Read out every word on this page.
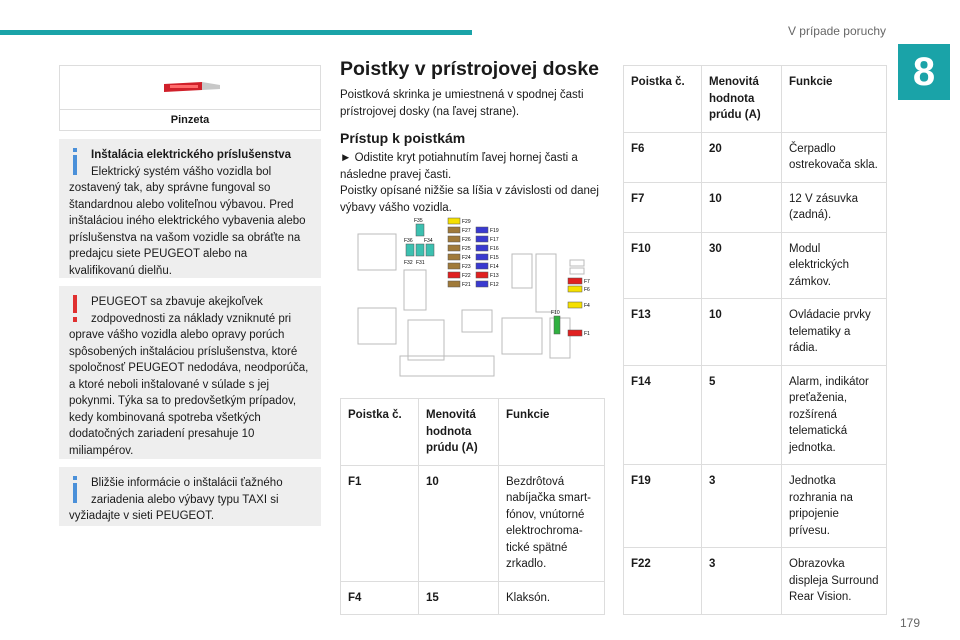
V prípade poruchy
8
179
Pinzeta
Inštalácia elektrického príslušenstva
Elektrický systém vášho vozidla bol
zostavený tak, aby správne fungoval so štandardnou alebo voliteľnou výbavou. Pred inštaláciou iného elektrického vybavenia alebo príslušenstva na vašom vozidle sa obráťte na predajcu siete PEUGEOT alebo na kvalifikovanú dielňu.
PEUGEOT sa zbavuje akejkoľvek zodpovednosti za náklady vzniknuté pri
oprave vášho vozidla alebo opravy porúch spôsobených inštaláciou príslušenstva, ktoré spoločnosť PEUGEOT nedodáva, neodporúča, a ktoré neboli inštalované v súlade s jej pokynmi. Týka sa to predovšetkým prípadov, kedy kombinovaná spotreba všetkých dodatočných zariadení presahuje 10 miliampérov.
Bližšie informácie o inštalácii ťažného zariadenia alebo výbavy typu TAXI si
vyžiadajte v sieti PEUGEOT.
Poistky v prístrojovej doske

Poistková skrinka je umiestnená v spodnej časti prístrojovej dosky (na ľavej strane).

Prístup k poistkám

► Odistite kryt potiahnutím ľavej hornej časti a následne pravej časti.

Poistky opísané nižšie sa líšia v závislosti od danej výbavy vášho vozidla.

F35
F36 F34
F32 F31
F29
F27
F26
F25
F24
F23
F22
F21
F19
F17
F16
F15
F14
F13
F12	F7
F6
F4
F10
F1
Poistka č.	Menovitá hodnota prúdu (A)	Funkcie
F1	10	Bezdrôtová nabíjačka smart- fónov, vnútorné elektrochroma- tické spätné zrkadlo.
F4	15	Klaksón.
Poistka č.	Menovitá hodnota prúdu (A)	Funkcie
F6	20	Čerpadlo ostrekovača skla.
F7	10	12 V zásuvka (zadná).
F10	30	Modul elektrických zámkov.
F13	10	Ovládacie prvky telematiky a rádia.
F14	5	Alarm, indikátor preťaženia, rozšírená telematická jednotka.
F19	3	Jednotka rozhrania na pripojenie prívesu.
F22	3	Obrazovka displeja Surround Rear Vision.
